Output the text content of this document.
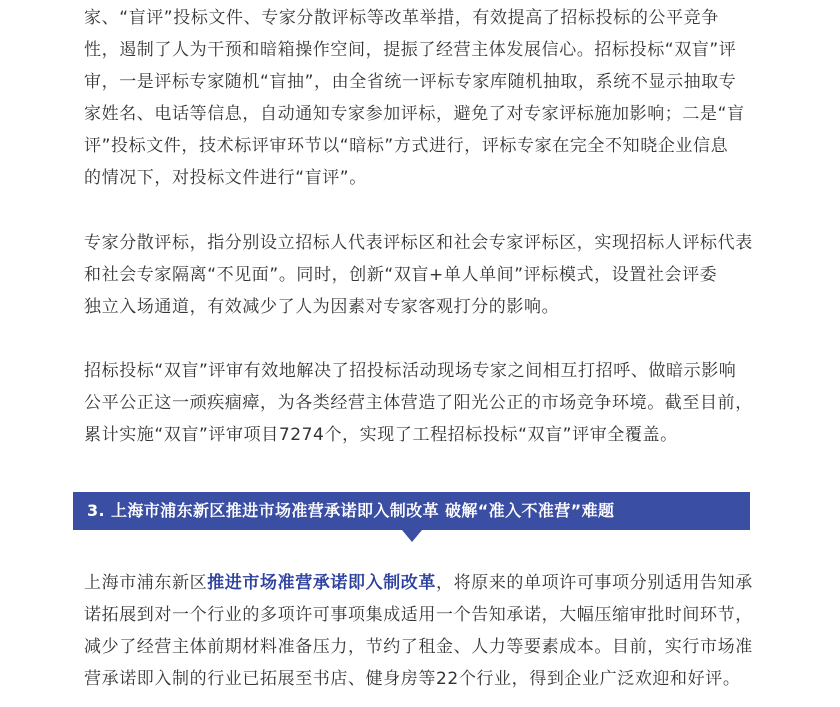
家、“盲评”投标文件、专家分散评标等改革举措，有效提高了招标投标的公平竞争
性，遏制了人为干预和暗箱操作空间，提振了经营主体发展信心。招标投标“双盲”评
审，一是评标专家随机“盲抽”，由全省统一评标专家库随机抽取，系统不显示抽取专
家姓名、电话等信息，自动通知专家参加评标，避免了对专家评标施加影响；二是“盲
评”投标文件，技术标评审环节以“暗标”方式进行，评标专家在完全不知晓企业信息
的情况下，对投标文件进行“盲评”。
专家分散评标，指分别设立招标人代表评标区和社会专家评标区，实现招标人评标代表
和社会专家隔离“不见面”。同时，创新“双盲+单人单间”评标模式，设置社会评委
独立入场通道，有效减少了人为因素对专家客观打分的影响。
招标投标“双盲”评审有效地解决了招投标活动现场专家之间相互打招呼、做暗示影响
公平公正这一顽疾痼瘴，为各类经营主体营造了阳光公正的市场竞争环境。截至目前，
累计实施“双盲”评审项目7274个，实现了工程招标投标“双盲”评审全覆盖。
3. 上海市浦东新区推进市场准营承诺即入制改革 破解“准入不准营”难题
上海市浦东新区推进市场准营承诺即入制改革，将原来的单项许可事项分别适用告知承
诺拓展到对一个行业的多项许可事项集成适用一个告知承诺，大幅压缩审批时间环节，
减少了经营主体前期材料准备压力，节约了租金、人力等要素成本。目前，实行市场准
营承诺即入制的行业已拓展至书店、健身房等22个行业，得到企业广泛欢迎和好评。
